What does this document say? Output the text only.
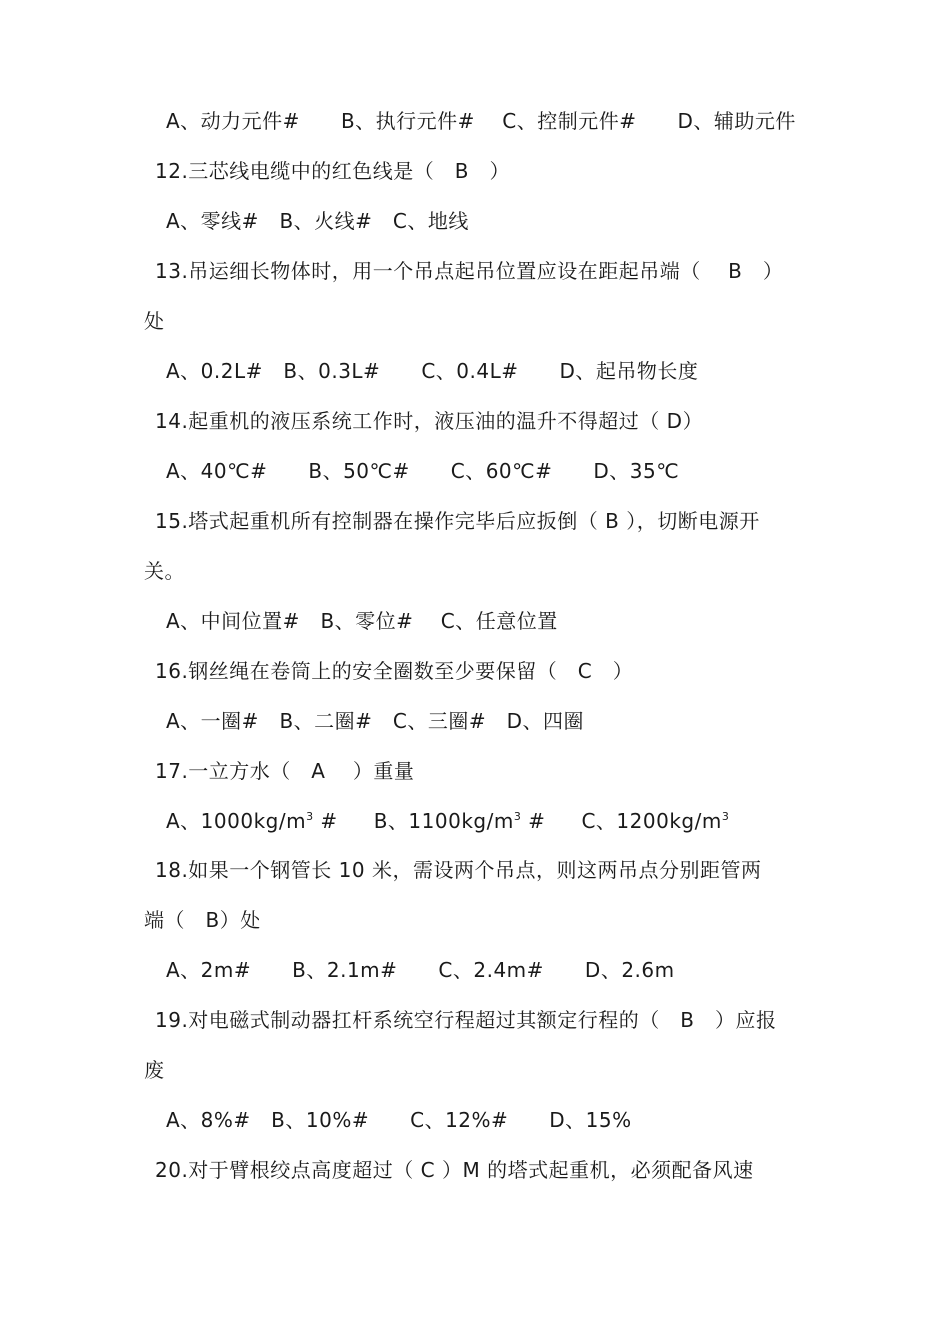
A、动力元件#　　B、执行元件#　 C、控制元件#　　D、辅助元件
12.三芯线电缆中的红色线是（　B　）
A、零线#　B、火线#　C、地线
13.吊运细长物体时，用一个吊点起吊位置应设在距起吊端（　 B　）
处
A、0.2L#　B、0.3L#　　C、0.4L#　　D、起吊物长度
14.起重机的液压系统工作时，液压油的温升不得超过（ D）
A、40℃#　　B、50℃#　　C、60℃#　　D、35℃
15.塔式起重机所有控制器在操作完毕后应扳倒（ B ），切断电源开
关。
A、中间位置#　B、零位#　 C、任意位置
16.钢丝绳在卷筒上的安全圈数至少要保留（　C　）
A、一圈#　B、二圈#　C、三圈#　D、四圈
17.一立方水（　A　 ）重量
A、$1000kg/m^3$ # B、$1100kg/m^3$ # C、$1200kg/m^3$
18.如果一个钢管长 10 米，需设两个吊点，则这两吊点分别距管两
端（　B）处
A、2m#　　B、2.1m#　　C、2.4m#　　D、2.6m
19.对电磁式制动器扛杆系统空行程超过其额定行程的（　B　）应报
废
A、8%#　B、10%#　　C、12%#　　D、15%
20.对于臂根绞点高度超过（ C ）M 的塔式起重机，必须配备风速
